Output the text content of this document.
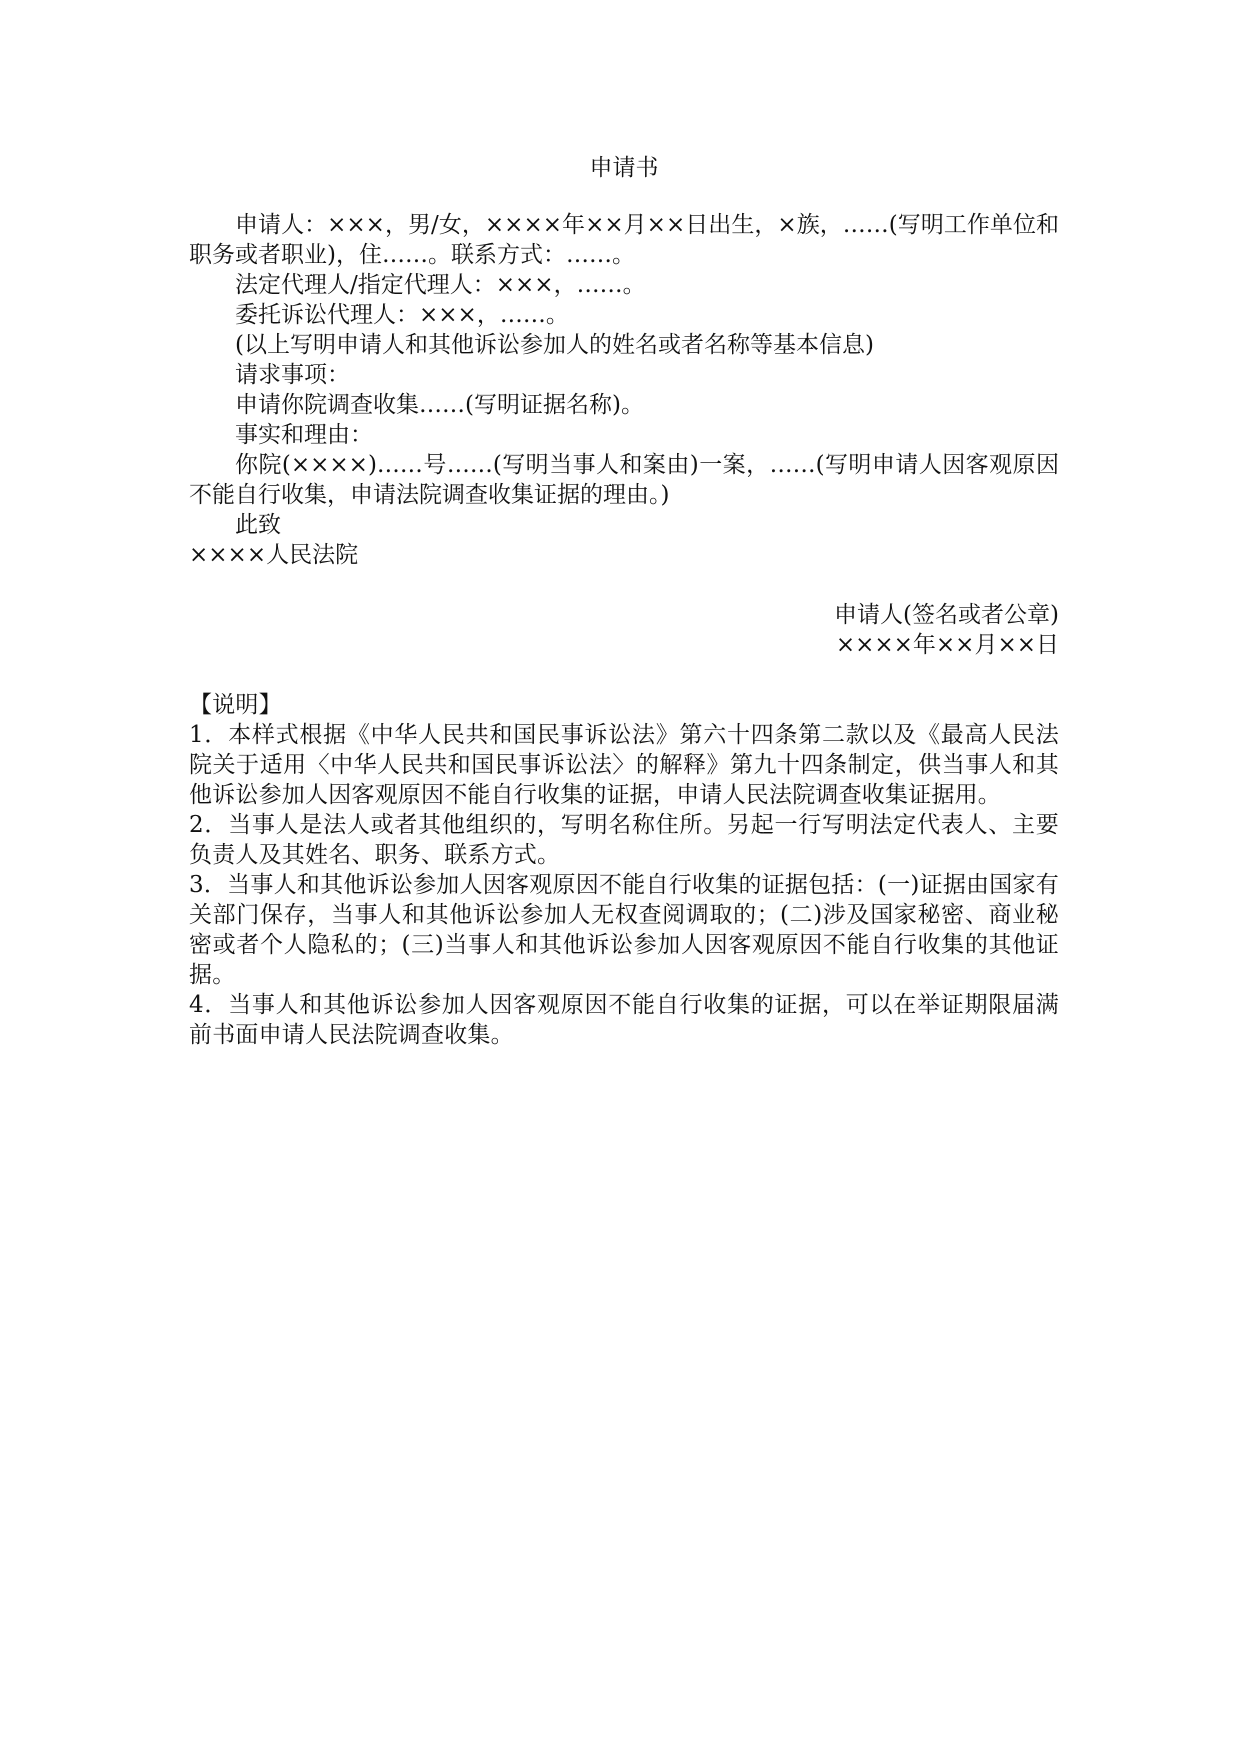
申请书

申请人：×××，男/女，××××年××月××日出生，×族，……(写明工作单位和职务或者职业)，住……。联系方式：……。

法定代理人/指定代理人：×××，……。

委托诉讼代理人：×××，……。

(以上写明申请人和其他诉讼参加人的姓名或者名称等基本信息)

请求事项：

申请你院调查收集……(写明证据名称)。

事实和理由：

你院(××××)……号……(写明当事人和案由)一案，……(写明申请人因客观原因不能自行收集，申请法院调查收集证据的理由。)

此致

××××人民法院

申请人(签名或者公章)

××××年××月××日

【说明】

1．本样式根据《中华人民共和国民事诉讼法》第六十四条第二款以及《最高人民法院关于适用〈中华人民共和国民事诉讼法〉的解释》第九十四条制定，供当事人和其他诉讼参加人因客观原因不能自行收集的证据，申请人民法院调查收集证据用。

2．当事人是法人或者其他组织的，写明名称住所。另起一行写明法定代表人、主要负责人及其姓名、职务、联系方式。

3．当事人和其他诉讼参加人因客观原因不能自行收集的证据包括：(一)证据由国家有关部门保存，当事人和其他诉讼参加人无权查阅调取的；(二)涉及国家秘密、商业秘密或者个人隐私的；(三)当事人和其他诉讼参加人因客观原因不能自行收集的其他证据。

4．当事人和其他诉讼参加人因客观原因不能自行收集的证据，可以在举证期限届满前书面申请人民法院调查收集。
